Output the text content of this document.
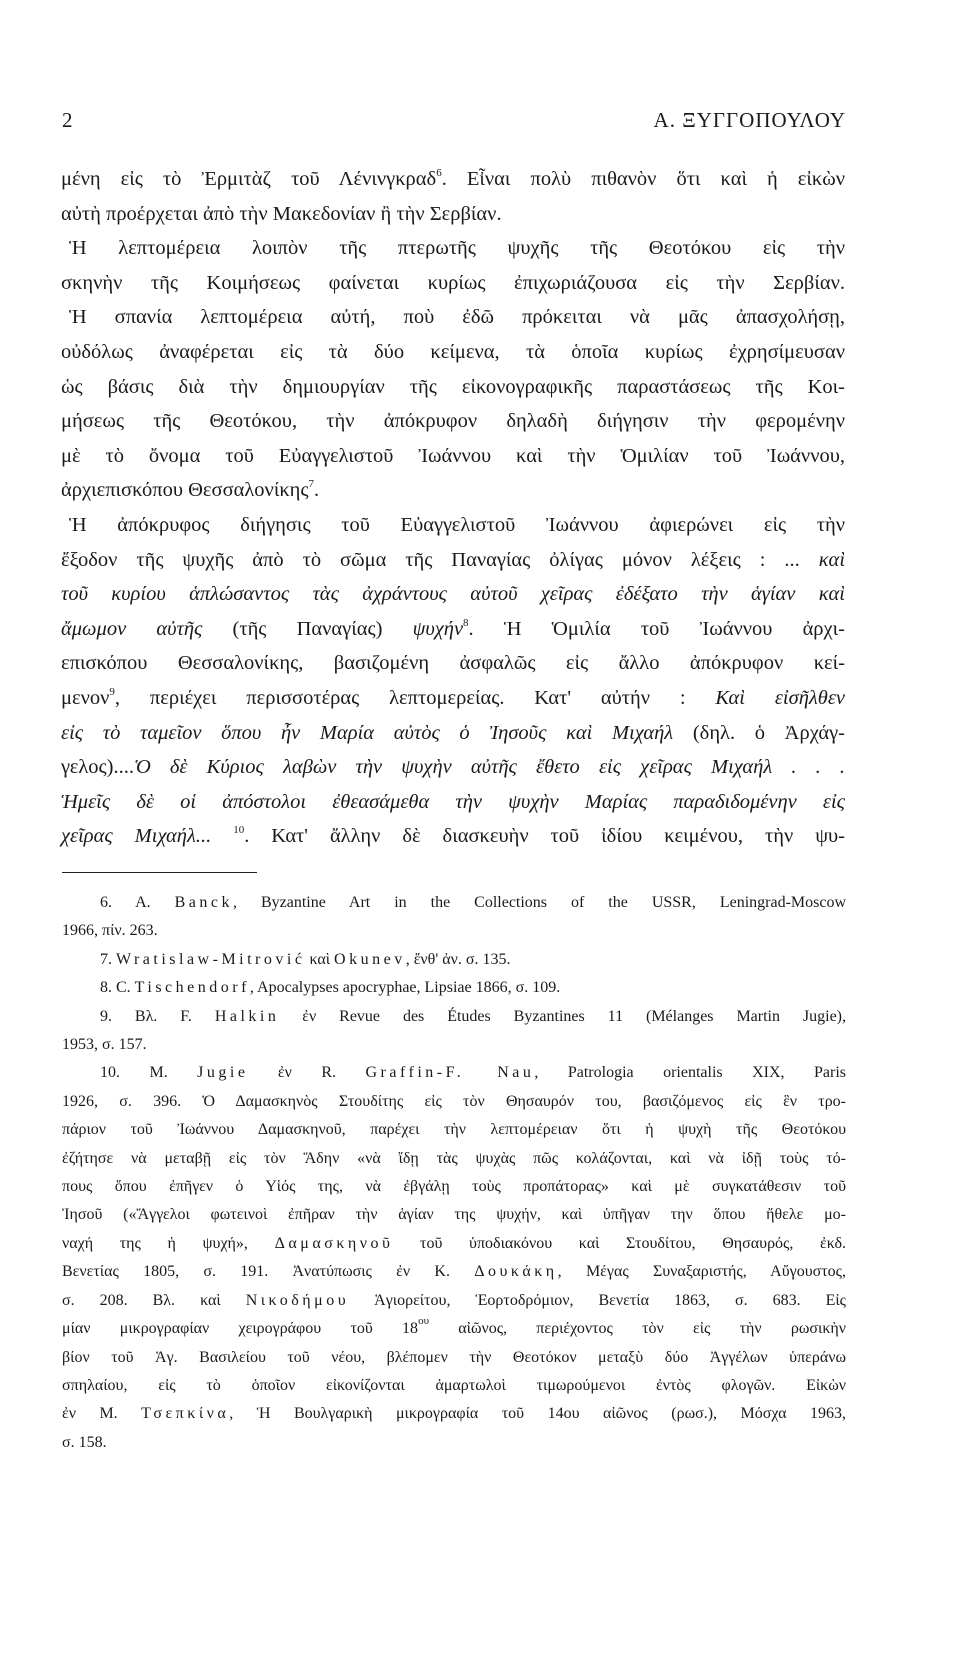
2	Α. ΞΥΓΓΟΠΟΥΛΟΥ
μένη εἰς τὸ Ἐρμιτὰζ τοῦ Λένινγκραδ$^6$. Εἶναι πολὺ πιθανὸν ὅτι καὶ ἡ εἰκὼν
αὐτὴ προέρχεται ἀπὸ τὴν Μακεδονίαν ἢ τὴν Σερβίαν.
Ἡ λεπτομέρεια λοιπὸν τῆς πτερωτῆς ψυχῆς τῆς Θεοτόκου εἰς τὴν
σκηνὴν τῆς Κοιμήσεως φαίνεται κυρίως ἐπιχωριάζουσα εἰς τὴν Σερβίαν.
Ἡ σπανία λεπτομέρεια αὐτή, ποὺ ἐδῶ πρόκειται νὰ μᾶς ἀπασχολήσῃ,
οὐδόλως ἀναφέρεται εἰς τὰ δύο κείμενα, τὰ ὁποῖα κυρίως ἐχρησίμευσαν
ὡς βάσις διὰ τὴν δημιουργίαν τῆς εἰκονογραφικῆς παραστάσεως τῆς Κοι-
μήσεως τῆς Θεοτόκου, τὴν ἀπόκρυφον δηλαδὴ διήγησιν τὴν φερομένην
μὲ τὸ ὄνομα τοῦ Εὐαγγελιστοῦ Ἰωάννου καὶ τὴν Ὁμιλίαν τοῦ Ἰωάννου,
ἀρχιεπισκόπου Θεσσαλονίκης$^7$.
Ἡ ἀπόκρυφος διήγησις τοῦ Εὐαγγελιστοῦ Ἰωάννου ἀφιερώνει εἰς τὴν
ἔξοδον τῆς ψυχῆς ἀπὸ τὸ σῶμα τῆς Παναγίας ὀλίγας μόνον λέξεις : ... καὶ
τοῦ κυρίου ἁπλώσαντος τὰς ἀχράντους αὐτοῦ χεῖρας ἐδέξατο τὴν ἁγίαν καὶ
ἄμωμον αὐτῆς (τῆς Παναγίας) ψυχήν$^8$. Ἡ Ὁμιλία τοῦ Ἰωάννου ἀρχι-
επισκόπου Θεσσαλονίκης, βασιζομένη ἀσφαλῶς εἰς ἄλλο ἀπόκρυφον κεί-
μενον$^9$, περιέχει περισσοτέρας λεπτομερείας. Κατ' αὐτήν : Καὶ εἰσῆλθεν
εἰς τὸ ταμεῖον ὅπου ἦν Μαρία αὐτὸς ὁ Ἰησοῦς καὶ Μιχαήλ (δηλ. ὁ Ἀρχάγ-
γελος)....Ὁ δὲ Κύριος λαβὼν τὴν ψυχὴν αὐτῆς ἔθετο εἰς χεῖρας Μιχαήλ . . .
Ἡμεῖς δὲ οἱ ἀπόστολοι ἐθεασάμεθα τὴν ψυχὴν Μαρίας παραδιδομένην εἰς
χεῖρας Μιχαήλ... $^{10}$. Κατ' ἄλλην δὲ διασκευὴν τοῦ ἰδίου κειμένου, τὴν ψυ-
6. Α. Banck, Byzantine Art in the Collections of the USSR, Leningrad-Moscow
1966, πίν. 263.
7. Wratislaw-Mitrović καὶ Okunev, ἔνθ' ἀν. σ. 135.
8. C. Tischendorf, Apocalypses apocryphae, Lipsiae 1866, σ. 109.
9. Βλ. F. Halkin ἐν Revue des Études Byzantines 11 (Mélanges Martin Jugie),
1953, σ. 157.
10. M. Jugie ἐν R. Graffin-F. Nau, Patrologia orientalis XIX, Paris
1926, σ. 396. Ὁ Δαμασκηνὸς Στουδίτης εἰς τὸν Θησαυρόν του, βασιζόμενος εἰς ἓν τρο-
πάριον τοῦ Ἰωάννου Δαμασκηνοῦ, παρέχει τὴν λεπτομέρειαν ὅτι ἡ ψυχὴ τῆς Θεοτόκου
ἐζήτησε νὰ μεταβῇ εἰς τὸν Ἅδην «νὰ ἴδῃ τὰς ψυχὰς πῶς κολάζονται, καὶ νὰ ἰδῇ τοὺς τό-
πους ὅπου ἐπῆγεν ὁ Υἱός της, νὰ ἐβγάλῃ τοὺς προπάτορας» καὶ μὲ συγκατάθεσιν τοῦ
Ἰησοῦ («Ἄγγελοι φωτεινοὶ ἐπῆραν τὴν ἁγίαν της ψυχήν, καὶ ὑπῆγαν την ὅπου ἤθελε μο-
ναχή της ἡ ψυχή», Δαμασκηνοῦ τοῦ ὑποδιακόνου καὶ Στουδίτου, Θησαυρός, ἐκδ.
Βενετίας 1805, σ. 191. Ἀνατύπωσις ἐν Κ. Δουκάκη, Μέγας Συναξαριστής, Αὔγουστος,
σ. 208. Βλ. καὶ Νικοδήμου Ἁγιορείτου, Ἑορτοδρόμιον, Βενετία 1863, σ. 683. Εἰς
μίαν μικρογραφίαν χειρογράφου τοῦ $18^{o\upsilon}$ αἰῶνος, περιέχοντος τὸν εἰς τὴν ρωσικὴν
βίον τοῦ Ἁγ. Βασιλείου τοῦ νέου, βλέπομεν τὴν Θεοτόκον μεταξὺ δύο Ἀγγέλων ὑπεράνω
σπηλαίου, εἰς τὸ ὁποῖον εἰκονίζονται ἁμαρτωλοὶ τιμωρούμενοι ἐντὸς φλογῶν. Εἰκὼν
ἐν Μ. Τσεπκίνα, Ἡ Βουλγαρικὴ μικρογραφία τοῦ 14ου αἰῶνος (ρωσ.), Μόσχα 1963,
σ. 158.
